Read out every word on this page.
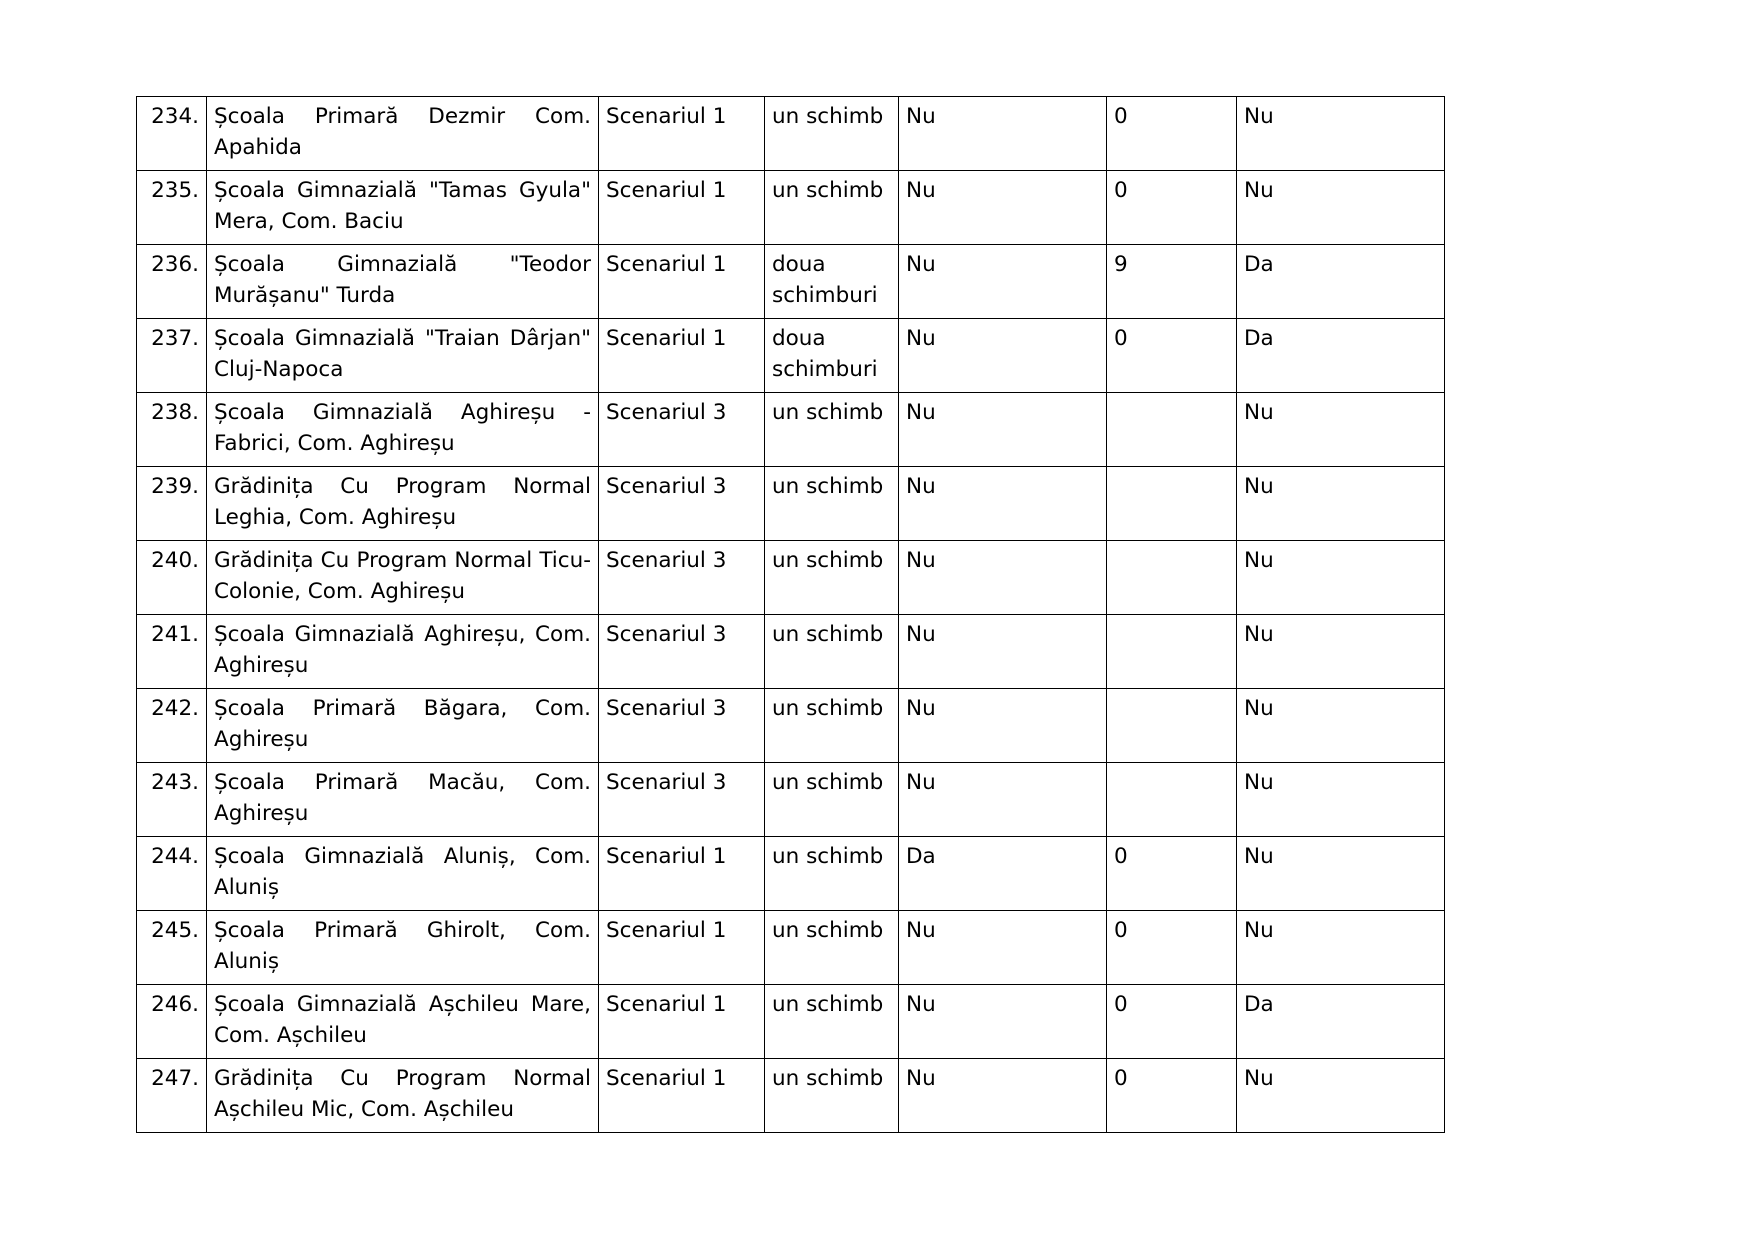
234.	Școala Primară Dezmir Com. Apahida	Scenariul 1	un schimb	Nu	0	Nu
235.	Școala Gimnazială "Tamas Gyula" Mera, Com. Baciu	Scenariul 1	un schimb	Nu	0	Nu
236.	Școala Gimnazială "Teodor Murășanu" Turda	Scenariul 1	doua schimburi	Nu	9	Da
237.	Școala Gimnazială "Traian Dârjan" Cluj-Napoca	Scenariul 1	doua schimburi	Nu	0	Da
238.	Școala Gimnazială Aghireșu - Fabrici, Com. Aghireșu	Scenariul 3	un schimb	Nu		Nu
239.	Grădinița Cu Program Normal Leghia, Com. Aghireșu	Scenariul 3	un schimb	Nu		Nu
240.	Grădinița Cu Program Normal Ticu-Colonie, Com. Aghireșu	Scenariul 3	un schimb	Nu		Nu
241.	Școala Gimnazială Aghireșu, Com. Aghireșu	Scenariul 3	un schimb	Nu		Nu
242.	Școala Primară Băgara, Com. Aghireșu	Scenariul 3	un schimb	Nu		Nu
243.	Școala Primară Macău, Com. Aghireșu	Scenariul 3	un schimb	Nu		Nu
244.	Școala Gimnazială Aluniș, Com. Aluniș	Scenariul 1	un schimb	Da	0	Nu
245.	Școala Primară Ghirolt, Com. Aluniș	Scenariul 1	un schimb	Nu	0	Nu
246.	Școala Gimnazială Așchileu Mare, Com. Așchileu	Scenariul 1	un schimb	Nu	0	Da
247.	Grădinița Cu Program Normal Așchileu Mic, Com. Așchileu	Scenariul 1	un schimb	Nu	0	Nu
